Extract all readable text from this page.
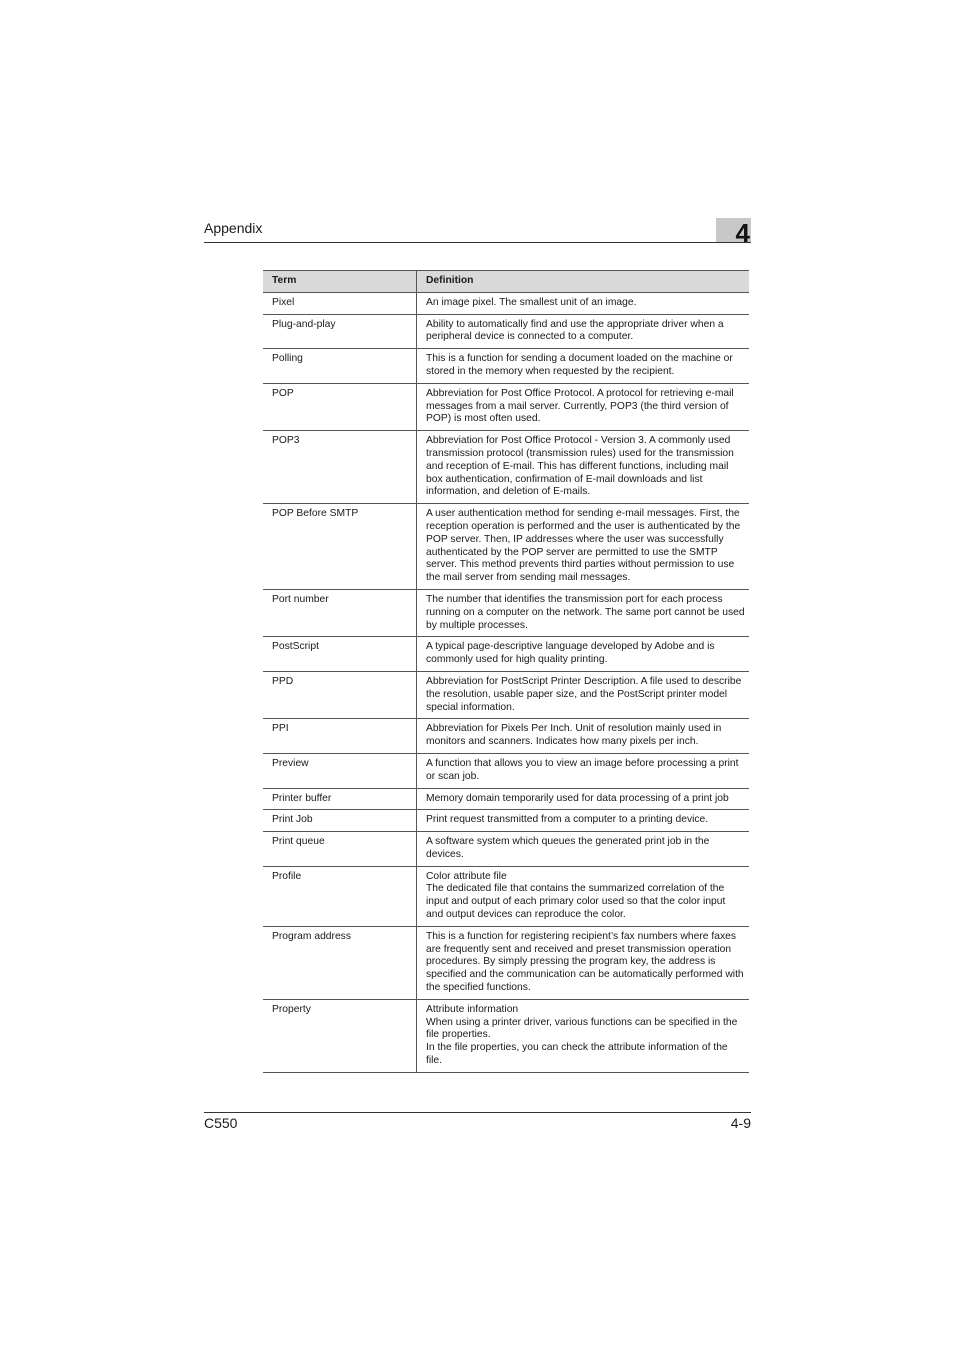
Appendix	4
Term	Definition
Pixel	An image pixel. The smallest unit of an image.

Plug-and-play	Ability to automatically find and use the appropriate driver when a peripheral device is connected to a computer.

Polling	This is a function for sending a document loaded on the machine or stored in the memory when requested by the recipient.

POP	Abbreviation for Post Office Protocol. A protocol for retrieving e-mail messages from a mail server. Currently, POP3 (the third version of POP) is most often used.

POP3	Abbreviation for Post Office Protocol - Version 3. A commonly used transmission protocol (transmission rules) used for the transmission and reception of E-mail. This has different functions, including mail box authentication, confirmation of E-mail downloads and list information, and deletion of E-mails.

POP Before SMTP	A user authentication method for sending e-mail messages. First, the reception operation is performed and the user is authenticated by the POP server. Then, IP addresses where the user was successfully authenticated by the POP server are permitted to use the SMTP server. This method prevents third parties without permission to use the mail server from sending mail messages.

Port number	The number that identifies the transmission port for each process running on a computer on the network. The same port cannot be used by multiple processes.

PostScript	A typical page-descriptive language developed by Adobe and is commonly used for high quality printing.

PPD	Abbreviation for PostScript Printer Description. A file used to describe the resolution, usable paper size, and the PostScript printer model special information.

PPI	Abbreviation for Pixels Per Inch. Unit of resolution mainly used in monitors and scanners. Indicates how many pixels per inch.

Preview	A function that allows you to view an image before processing a print or scan job.

Printer buffer	Memory domain temporarily used for data processing of a print job

Print Job	Print request transmitted from a computer to a printing device.

Print queue	A software system which queues the generated print job in the devices.

Profile	Color attribute file
The dedicated file that contains the summarized correlation of the input and output of each primary color used so that the color input and output devices can reproduce the color.

Program address	This is a function for registering recipient’s fax numbers where faxes are frequently sent and received and preset transmission operation procedures. By simply pressing the program key, the address is specified and the communication can be automatically performed with the specified functions.

Property	Attribute information
When using a printer driver, various functions can be specified in the file properties.
In the file properties, you can check the attribute information of the file.
C550	4-9
